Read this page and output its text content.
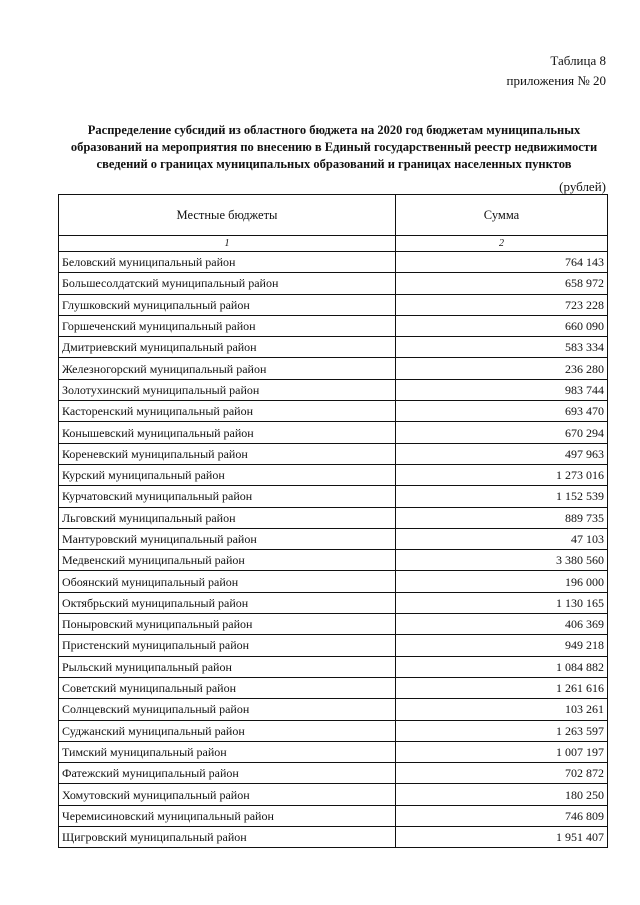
Таблица 8
приложения № 20
Распределение субсидий из областного бюджета на 2020 год бюджетам муниципальных
образований на мероприятия по внесению в Единый государственный реестр недвижимости
сведений о границах муниципальных образований и границах населенных пунктов
(рублей)
Местные бюджеты	Сумма
1	2
Беловский муниципальный район	764 143
Большесолдатский муниципальный район	658 972
Глушковский муниципальный район	723 228
Горшеченский муниципальный район	660 090
Дмитриевский муниципальный район	583 334
Железногорский муниципальный район	236 280
Золотухинский муниципальный район	983 744
Касторенский муниципальный район	693 470
Конышевский муниципальный район	670 294
Кореневский муниципальный район	497 963
Курский муниципальный район	1 273 016
Курчатовский муниципальный район	1 152 539
Льговский муниципальный район	889 735
Мантуровский муниципальный район	47 103
Медвенский муниципальный район	3 380 560
Обоянский муниципальный район	196 000
Октябрьский муниципальный район	1 130 165
Поныровский муниципальный район	406 369
Пристенский муниципальный район	949 218
Рыльский муниципальный район	1 084 882
Советский муниципальный район	1 261 616
Солнцевский муниципальный район	103 261
Суджанский муниципальный район	1 263 597
Тимский муниципальный район	1 007 197
Фатежский муниципальный район	702 872
Хомутовский муниципальный район	180 250
Черемисиновский муниципальный район	746 809
Щигровский муниципальный район	1 951 407
